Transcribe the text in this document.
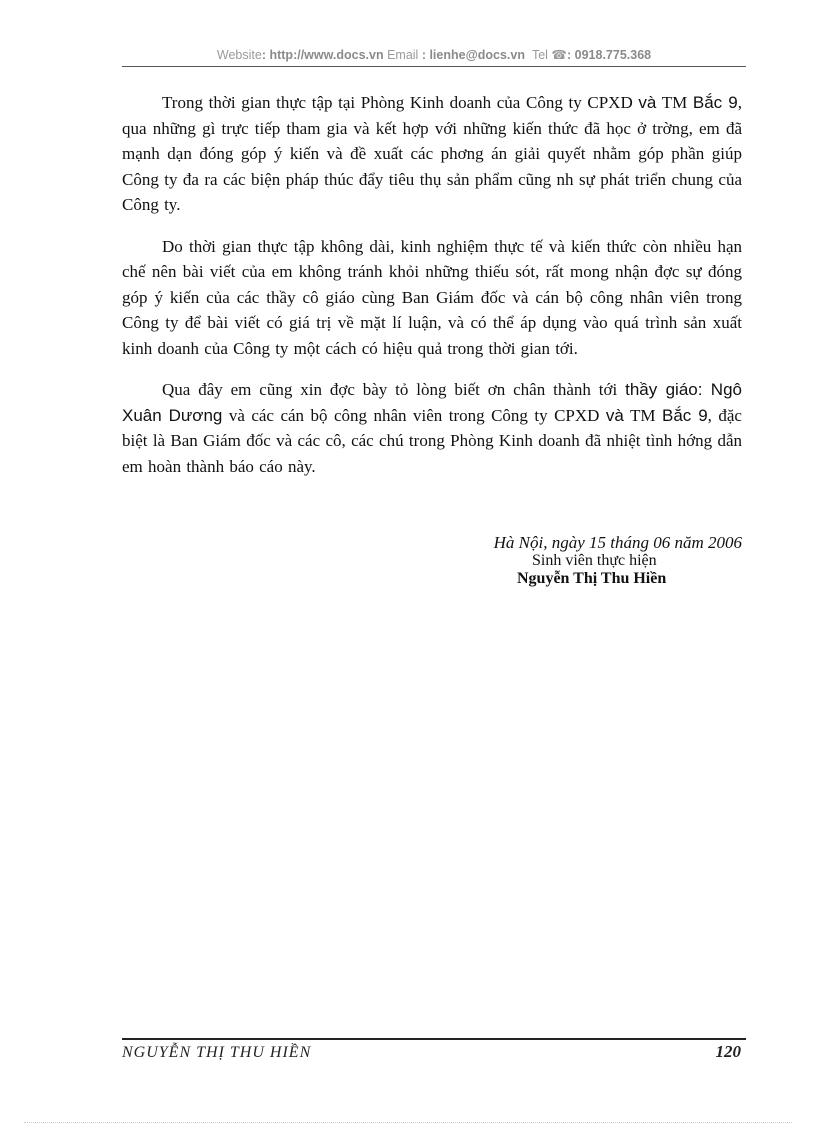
Website: http://www.docs.vn Email : lienhe@docs.vn Tel ☎: 0918.775.368

Trong thời gian thực tập tại Phòng Kinh doanh của Công ty CPXD và TM Bắc 9, qua những gì trực tiếp tham gia và kết hợp với những kiến thức đã học ở trờng, em đã mạnh dạn đóng góp ý kiến và đề xuất các phơng án giải quyết nhằm góp phần giúp Công ty đa ra các biện pháp thúc đẩy tiêu thụ sản phẩm cũng nh sự phát triển chung của Công ty.

Do thời gian thực tập không dài, kinh nghiệm thực tế và kiến thức còn nhiều hạn chế nên bài viết của em không tránh khỏi những thiếu sót, rất mong nhận đợc sự đóng góp ý kiến của các thầy cô giáo cùng Ban Giám đốc và cán bộ công nhân viên trong Công ty để bài viết có giá trị về mặt lí luận, và có thể áp dụng vào quá trình sản xuất kinh doanh của Công ty một cách có hiệu quả trong thời gian tới.

Qua đây em cũng xin đợc bày tỏ lòng biết ơn chân thành tới thầy giáo: Ngô Xuân Dương và các cán bộ công nhân viên trong Công ty CPXD và TM Bắc 9, đặc biệt là Ban Giám đốc và các cô, các chú trong Phòng Kinh doanh đã nhiệt tình hớng dẫn em hoàn thành báo cáo này.

Hà Nội, ngày 15 tháng 06 năm 2006
Sinh viên thực hiện
Nguyễn Thị Thu Hiền
NGUYỄN THỊ THU HIỀN	120
